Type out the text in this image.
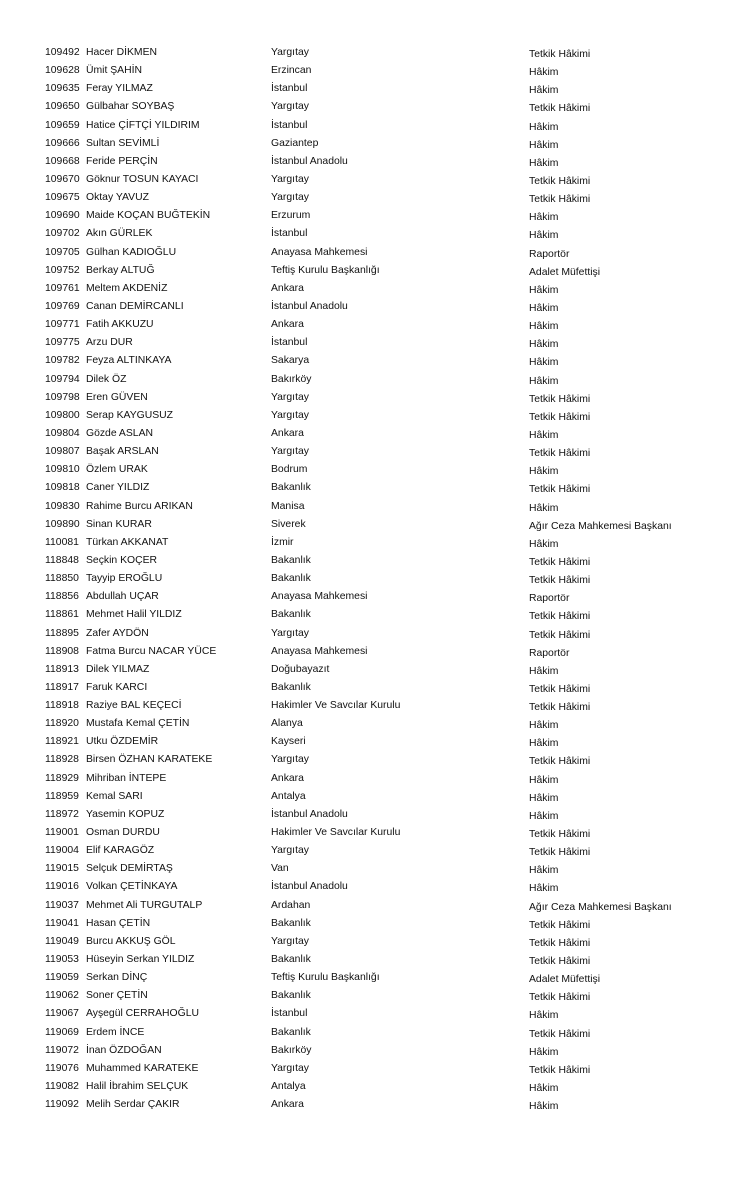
109492 Hacer DİKMEN	Yargıtay	Tetkik Hâkimi
109628 Ümit ŞAHİN	Erzincan	Hâkim
109635 Feray YILMAZ	İstanbul	Hâkim
109650 Gülbahar SOYBAŞ	Yargıtay	Tetkik Hâkimi
109659 Hatice ÇİFTÇİ YILDIRIM	İstanbul	Hâkim
109666 Sultan SEVİMLİ	Gaziantep	Hâkim
109668 Feride PERÇİN	İstanbul Anadolu	Hâkim
109670 Göknur TOSUN KAYACI	Yargıtay	Tetkik Hâkimi
109675 Oktay YAVUZ	Yargıtay	Tetkik Hâkimi
109690 Maide KOÇAN BUĞTEKİN	Erzurum	Hâkim
109702 Akın GÜRLEK	İstanbul	Hâkim
109705 Gülhan KADIOĞLU	Anayasa Mahkemesi	Raportör
109752 Berkay ALTUĞ	Teftiş Kurulu Başkanlığı	Adalet Müfettişi
109761 Meltem AKDENİZ	Ankara	Hâkim
109769 Canan DEMİRCANLI	İstanbul Anadolu	Hâkim
109771 Fatih AKKUZU	Ankara	Hâkim
109775 Arzu DUR	İstanbul	Hâkim
109782 Feyza ALTINKAYA	Sakarya	Hâkim
109794 Dilek ÖZ	Bakırköy	Hâkim
109798 Eren GÜVEN	Yargıtay	Tetkik Hâkimi
109800 Serap KAYGUSUZ	Yargıtay	Tetkik Hâkimi
109804 Gözde ASLAN	Ankara	Hâkim
109807 Başak ARSLAN	Yargıtay	Tetkik Hâkimi
109810 Özlem URAK	Bodrum	Hâkim
109818 Caner YILDIZ	Bakanlık	Tetkik Hâkimi
109830 Rahime Burcu ARIKAN	Manisa	Hâkim
109890 Sinan KURAR	Siverek	Ağır Ceza Mahkemesi Başkanı
110081 Türkan AKKANAT	İzmir	Hâkim
118848 Seçkin KOÇER	Bakanlık	Tetkik Hâkimi
118850 Tayyip EROĞLU	Bakanlık	Tetkik Hâkimi
118856 Abdullah UÇAR	Anayasa Mahkemesi	Raportör
118861 Mehmet Halil YILDIZ	Bakanlık	Tetkik Hâkimi
118895 Zafer AYDÖN	Yargıtay	Tetkik Hâkimi
118908 Fatma Burcu NACAR YÜCE	Anayasa Mahkemesi	Raportör
118913 Dilek YILMAZ	Doğubayazıt	Hâkim
118917 Faruk KARCI	Bakanlık	Tetkik Hâkimi
118918 Raziye BAL KEÇECİ	Hakimler Ve Savcılar Kurulu	Tetkik Hâkimi
118920 Mustafa Kemal ÇETİN	Alanya	Hâkim
118921 Utku ÖZDEMİR	Kayseri	Hâkim
118928 Birsen ÖZHAN KARATEKE	Yargıtay	Tetkik Hâkimi
118929 Mihriban İNTEPE	Ankara	Hâkim
118959 Kemal SARI	Antalya	Hâkim
118972 Yasemin KOPUZ	İstanbul Anadolu	Hâkim
119001 Osman DURDU	Hakimler Ve Savcılar Kurulu	Tetkik Hâkimi
119004 Elif KARAGÖZ	Yargıtay	Tetkik Hâkimi
119015 Selçuk DEMİRTAŞ	Van	Hâkim
119016 Volkan ÇETİNKAYA	İstanbul Anadolu	Hâkim
119037 Mehmet Ali TURGUTALP	Ardahan	Ağır Ceza Mahkemesi Başkanı
119041 Hasan ÇETİN	Bakanlık	Tetkik Hâkimi
119049 Burcu AKKUŞ GÖL	Yargıtay	Tetkik Hâkimi
119053 Hüseyin Serkan YILDIZ	Bakanlık	Tetkik Hâkimi
119059 Serkan DİNÇ	Teftiş Kurulu Başkanlığı	Adalet Müfettişi
119062 Soner ÇETİN	Bakanlık	Tetkik Hâkimi
119067 Ayşegül CERRAHOĞLU	İstanbul	Hâkim
119069 Erdem İNCE	Bakanlık	Tetkik Hâkimi
119072 İnan ÖZDOĞAN	Bakırköy	Hâkim
119076 Muhammed KARATEKE	Yargıtay	Tetkik Hâkimi
119082 Halil İbrahim SELÇUK	Antalya	Hâkim
119092 Melih Serdar ÇAKIR	Ankara	Hâkim
